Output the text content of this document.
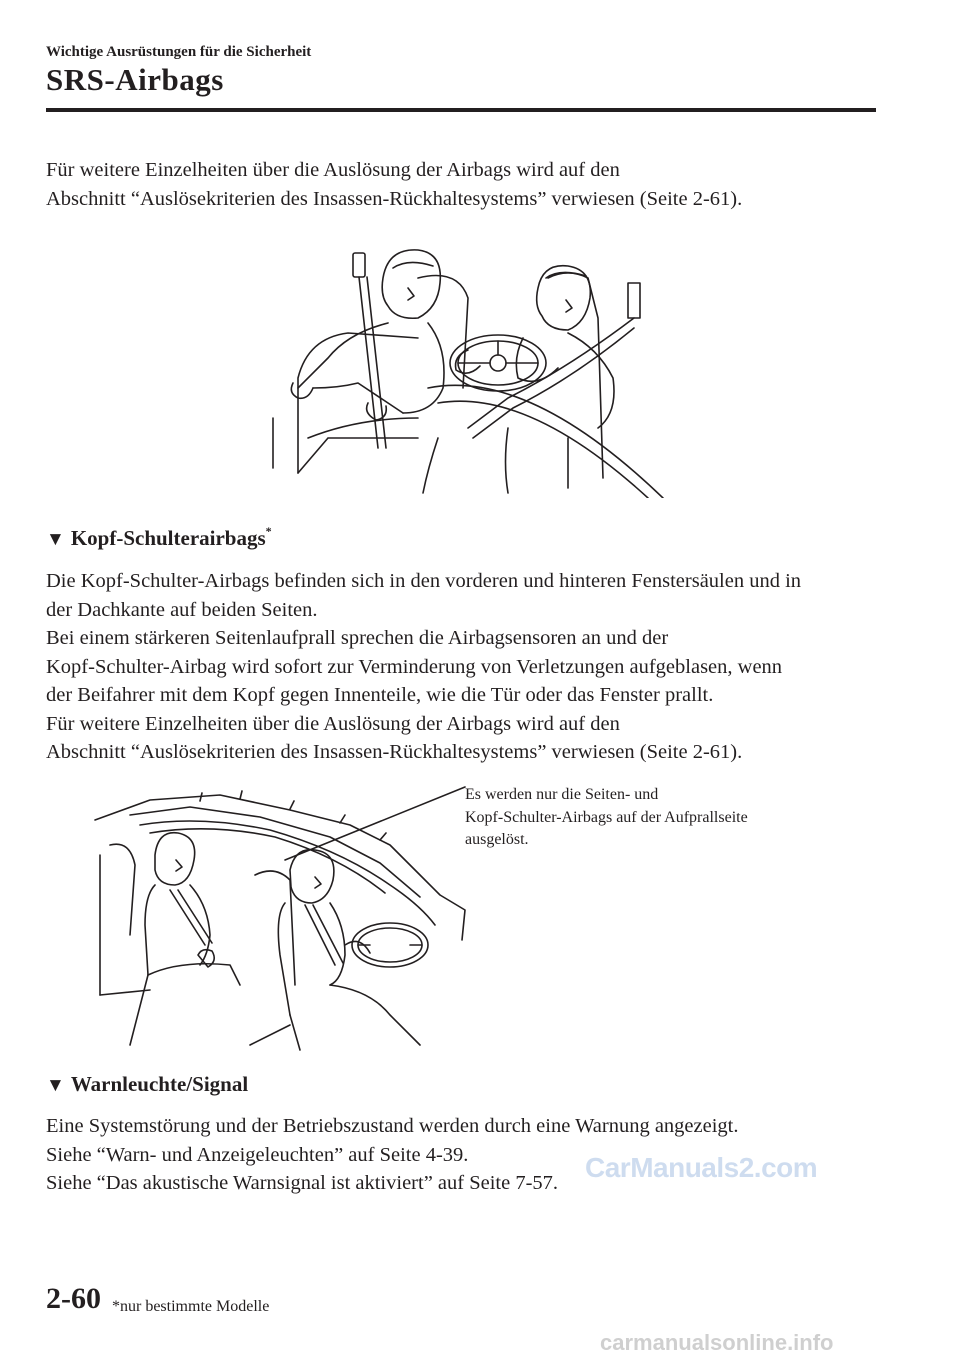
Wichtige Ausrüstungen für die Sicherheit
SRS-Airbags
Für weitere Einzelheiten über die Auslösung der Airbags wird auf den
Abschnitt “Auslösekriterien des Insassen-Rückhaltesystems” verwiesen (Seite 2-61).
▼ Kopf-Schulterairbags*
Die Kopf-Schulter-Airbags befinden sich in den vorderen und hinteren Fenstersäulen und in
der Dachkante auf beiden Seiten.
Bei einem stärkeren Seitenlaufprall sprechen die Airbagsensoren an und der
Kopf-Schulter-Airbag wird sofort zur Verminderung von Verletzungen aufgeblasen, wenn
der Beifahrer mit dem Kopf gegen Innenteile, wie die Tür oder das Fenster prallt.
Für weitere Einzelheiten über die Auslösung der Airbags wird auf den
Abschnitt “Auslösekriterien des Insassen-Rückhaltesystems” verwiesen (Seite 2-61).
Es werden nur die Seiten- und
Kopf-Schulter-Airbags auf der Aufprallseite
ausgelöst.
▼ Warnleuchte/Signal
Eine Systemstörung und der Betriebszustand werden durch eine Warnung angezeigt.
Siehe “Warn- und Anzeigeleuchten” auf Seite 4-39.
Siehe “Das akustische Warnsignal ist aktiviert” auf Seite 7-57. CarManuals2.com
2-60 *nur bestimmte Modelle
carmanualsonline.info
